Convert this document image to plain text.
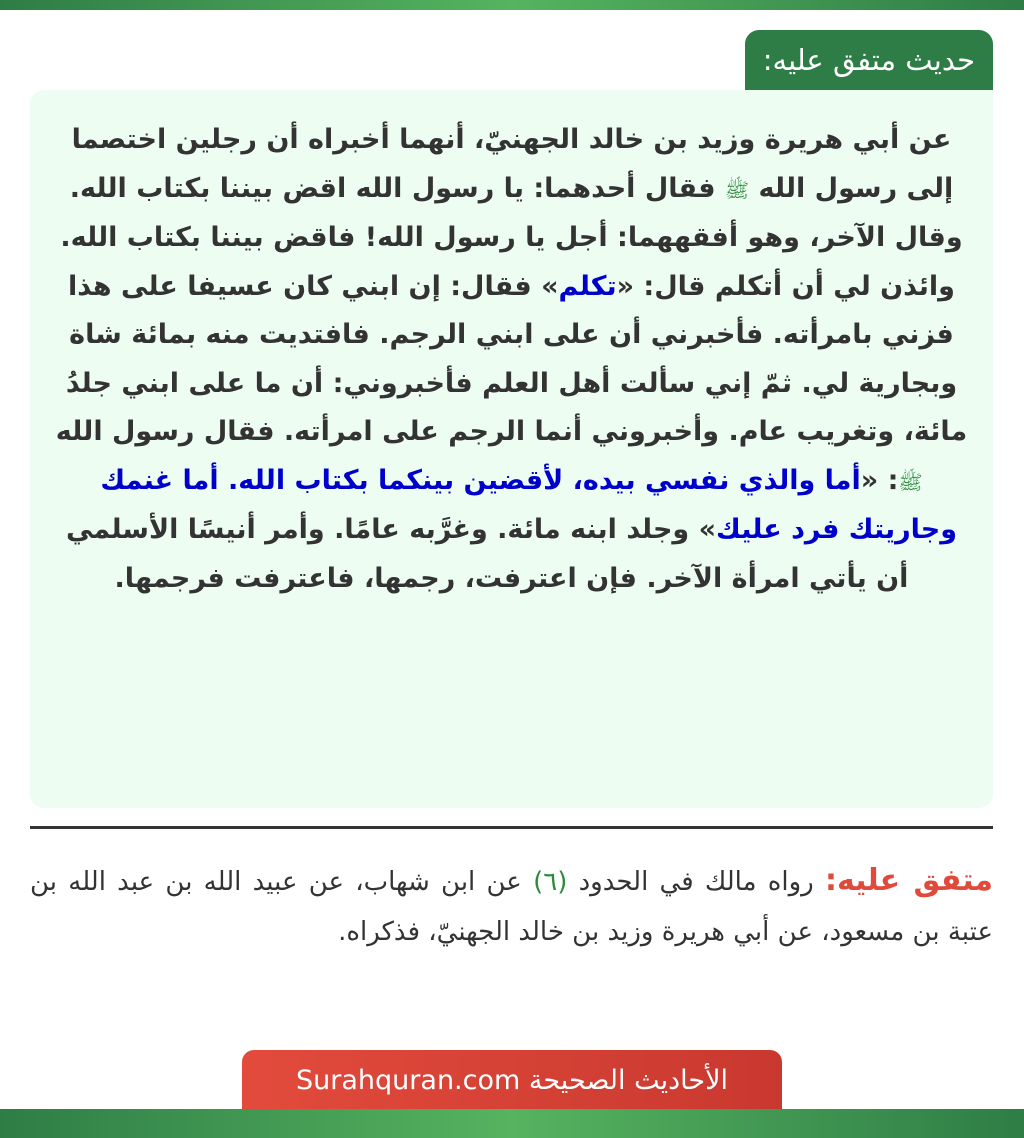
حديث متفق عليه:

عن أبي هريرة وزيد بن خالد الجهنيّ، أنهما أخبراه أن رجلين اختصما إلى رسول الله ﷺ فقال أحدهما: يا رسول الله اقض بيننا بكتاب الله. وقال الآخر، وهو أفقههما: أجل يا رسول الله! فاقض بيننا بكتاب الله. وائذن لي أن أتكلم قال: «تكلم» فقال: إن ابني كان عسيفا على هذا فزني بامرأته. فأخبرني أن على ابني الرجم. فافتديت منه بمائة شاة وبجارية لي. ثمّ إني سألت أهل العلم فأخبروني: أن ما على ابني جلدُ مائة، وتغريب عام. وأخبروني أنما الرجم على امرأته. فقال رسول الله ﷺ: «أما والذي نفسي بيده، لأقضين بينكما بكتاب الله. أما غنمك وجاريتك فرد عليك» وجلد ابنه مائة. وغرَّبه عامًا. وأمر أنيسًا الأسلمي أن يأتي امرأة الآخر. فإن اعترفت، رجمها، فاعترفت فرجمها.

متفق عليه: رواه مالك في الحدود (٦) عن ابن شهاب، عن عبيد الله بن عبد الله بن عتبة بن مسعود، عن أبي هريرة وزيد بن خالد الجهنيّ، فذكراه.

الأحاديث الصحيحة Surahquran.com
